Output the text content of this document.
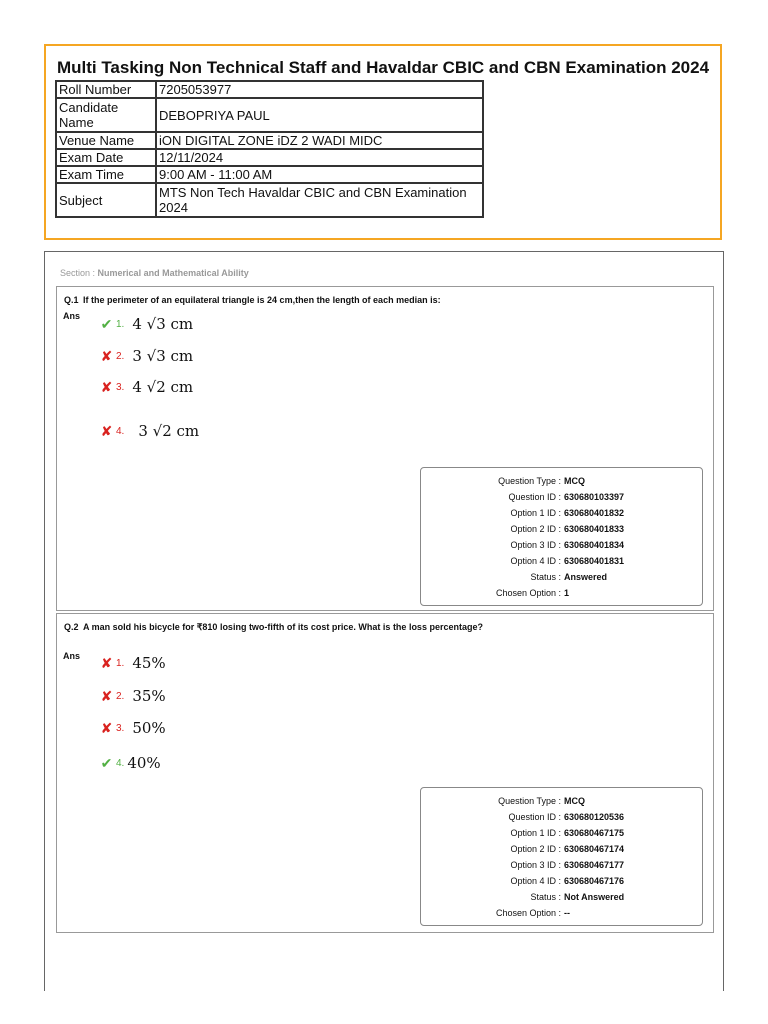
Multi Tasking Non Technical Staff and Havaldar CBIC and CBN Examination 2024
Roll Number	7205053977
Candidate Name	DEBOPRIYA PAUL
Venue Name	iON DIGITAL ZONE iDZ 2 WADI MIDC
Exam Date	12/11/2024
Exam Time	9:00 AM - 11:00 AM
Subject	MTS Non Tech Havaldar CBIC and CBN Examination 2024
Section : Numerical and Mathematical Ability
Q.1 If the perimeter of an equilateral triangle is 24 cm,then the length of each median is:
Ans ✔ 1. 4 √3 cm
✘ 2. 3 √3 cm
✘ 3. 4 √2 cm
✘ 4. 3 √2 cm
Question Type : MCQ
Question ID : 630680103397
Option 1 ID : 630680401832
Option 2 ID : 630680401833
Option 3 ID : 630680401834
Option 4 ID : 630680401831
Status : Answered
Chosen Option : 1
Q.2 A man sold his bicycle for ₹810 losing two-fifth of its cost price. What is the loss percentage?
Ans ✘ 1. 45%
✘ 2. 35%
✘ 3. 50%
✔ 4. 40%
Question Type : MCQ
Question ID : 630680120536
Option 1 ID : 630680467175
Option 2 ID : 630680467174
Option 3 ID : 630680467177
Option 4 ID : 630680467176
Status : Not Answered
Chosen Option : --
